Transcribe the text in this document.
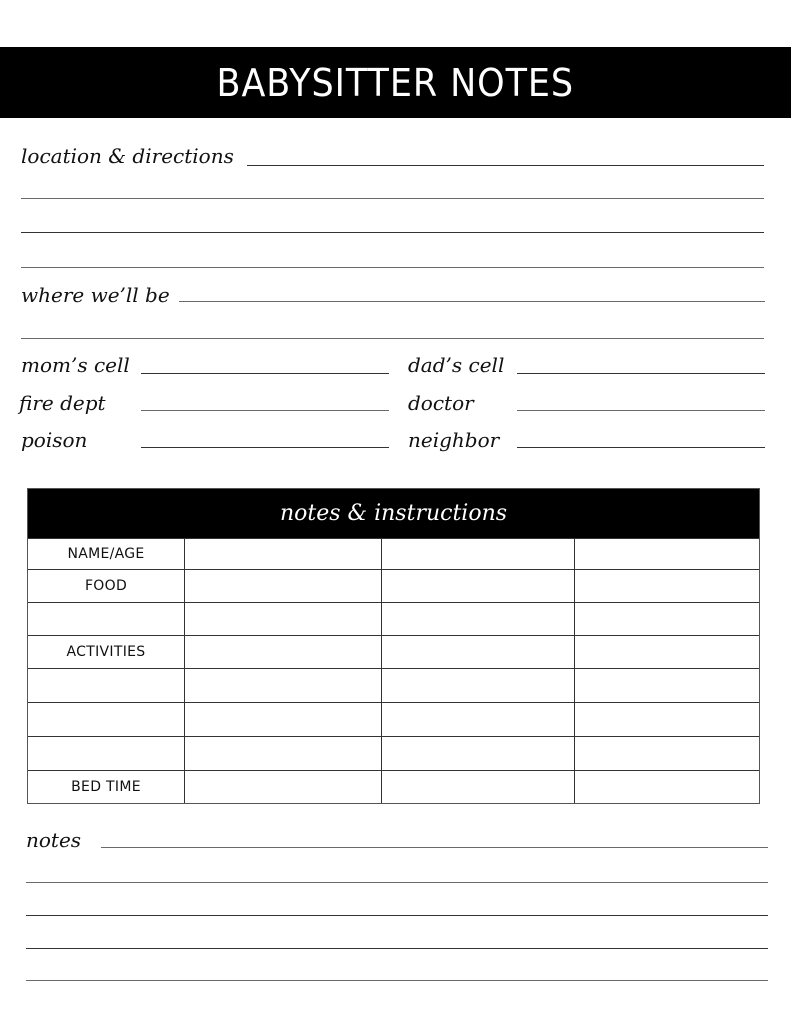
BABYSITTER NOTES
location & directions
where we’ll be
mom’s cell
fire dept
poison
dad’s cell
doctor
neighbor
notes & instructions
NAME/AGE
FOOD
ACTIVITIES
BED TIME
notes
